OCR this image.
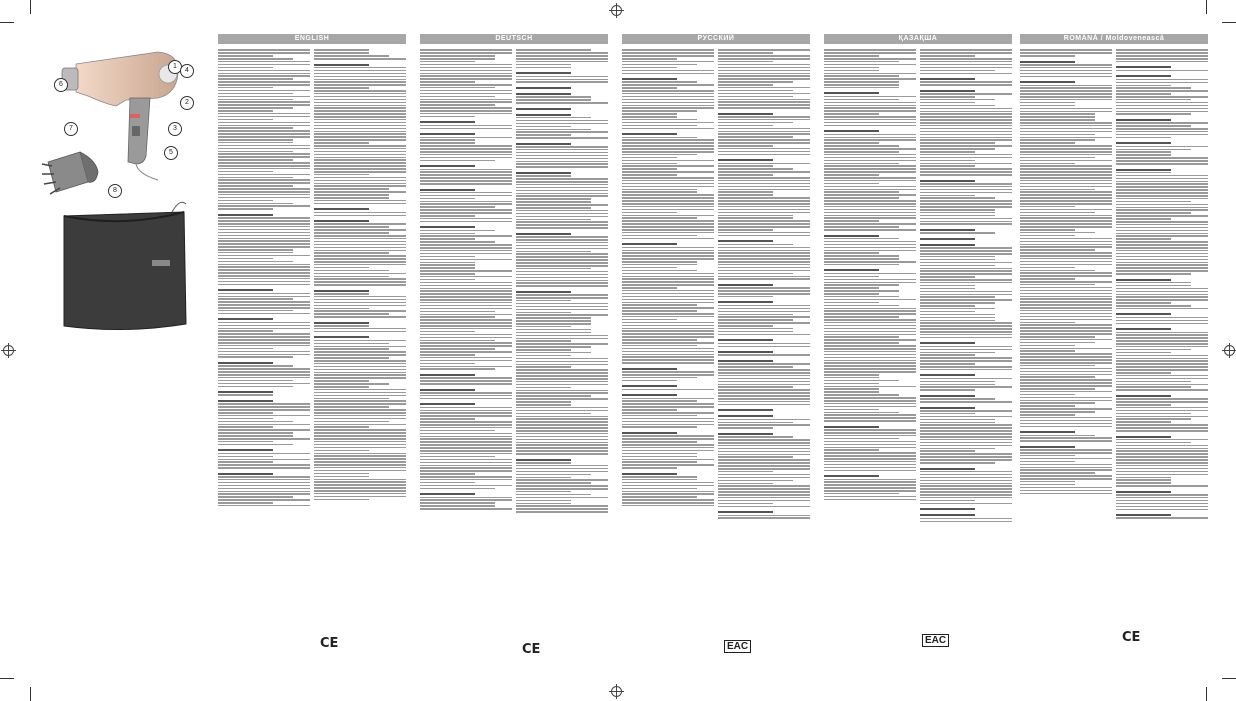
1
2
3
4
5
6
7
8
ENGLISH	DEUTSCH	РУССКИЙ	ҚАЗАҚША	ROMÂNĂ / Moldovenească
CE	CE	EAC
EAC	CE
